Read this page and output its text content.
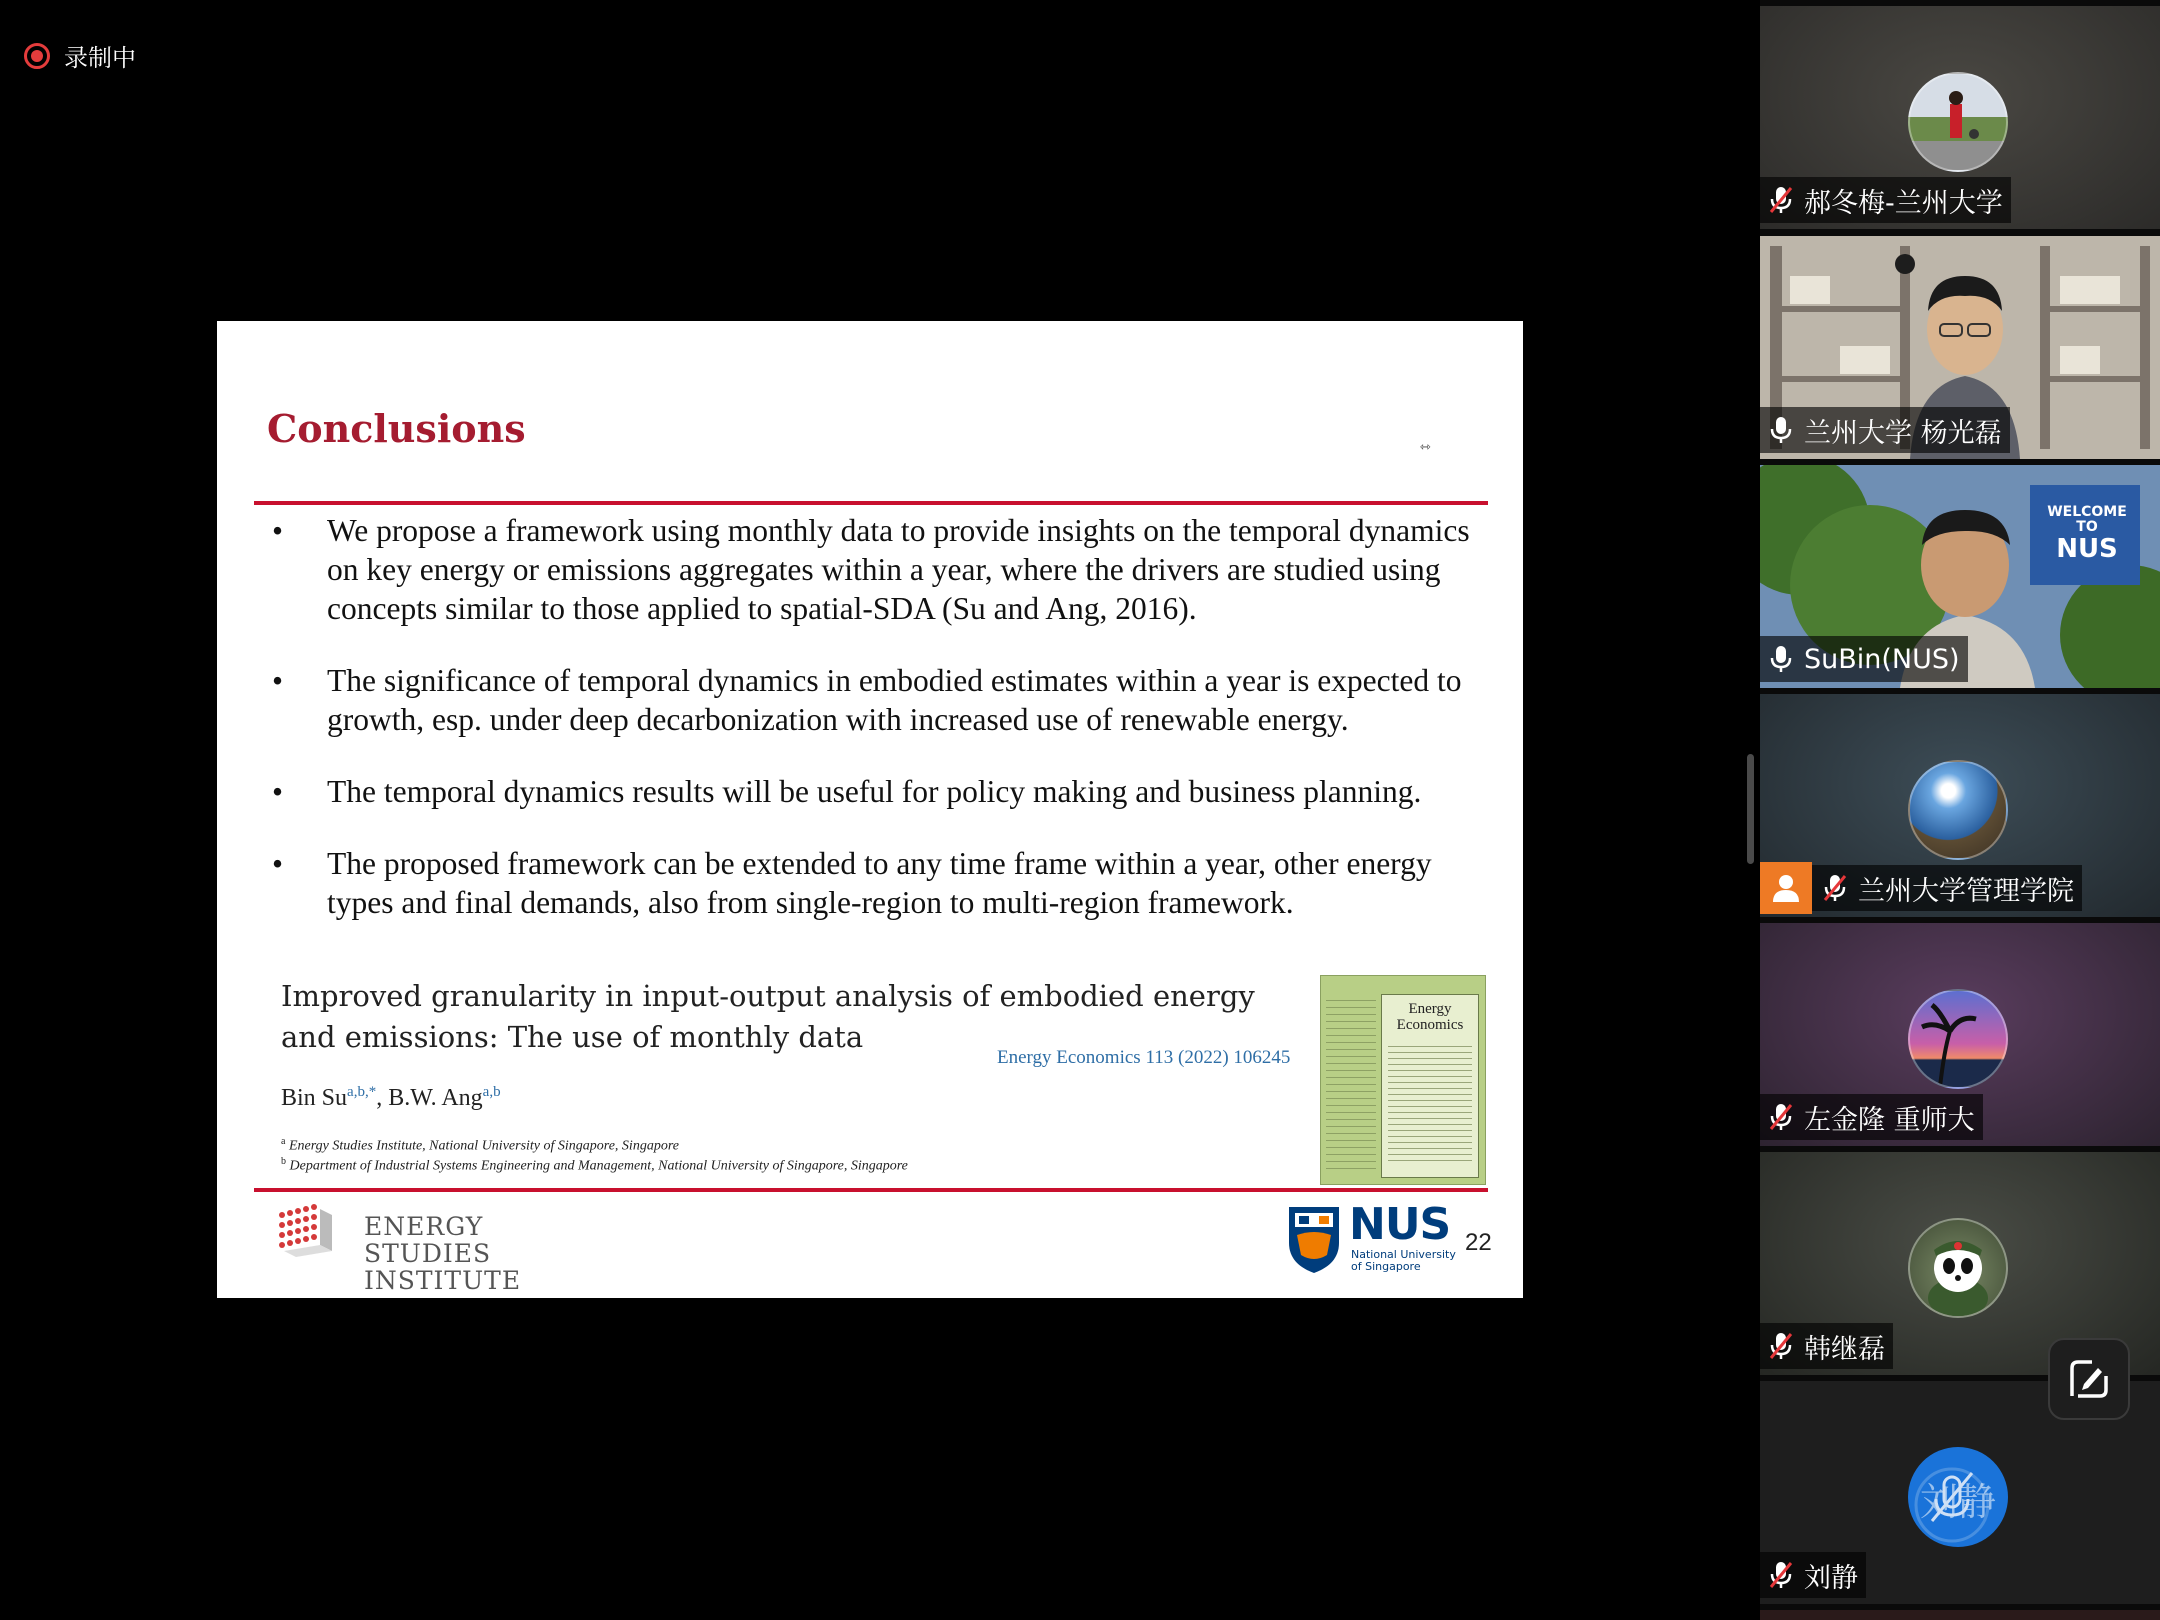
录制中
Conclusions	⇿
• We propose a framework using monthly data to provide insights on the temporal dynamics on key energy or emissions aggregates within a year, where the drivers are studied using concepts similar to those applied to spatial-SDA (Su and Ang, 2016).
• The significance of temporal dynamics in embodied estimates within a year is expected to growth, esp. under deep decarbonization with increased use of renewable energy.
• The temporal dynamics results will be useful for policy making and business planning.
• The proposed framework can be extended to any time frame within a year, other energy types and final demands, also from single-region to multi-region framework.
Improved granularity in input-output analysis of embodied energy and emissions: The use of monthly data
Energy Economics 113 (2022) 106245
Bin $Su^{a,b,*}$, B.W. Ang$^{a,b}$
$^a$ Energy Studies Institute, National University of Singapore, Singapore
$^b$ Department of Industrial Systems Engineering and Management, National University of Singapore, Singapore
Energy Economics
ENERGY
STUDIES
INSTITUTE
NUS
National University
of Singapore
22
郝冬梅-兰州大学
兰州大学 杨光磊
WELCOME
TO
NUS
SuBin(NUS)
兰州大学管理学院
左金隆 重师大
韩继磊
刘静
刘静
